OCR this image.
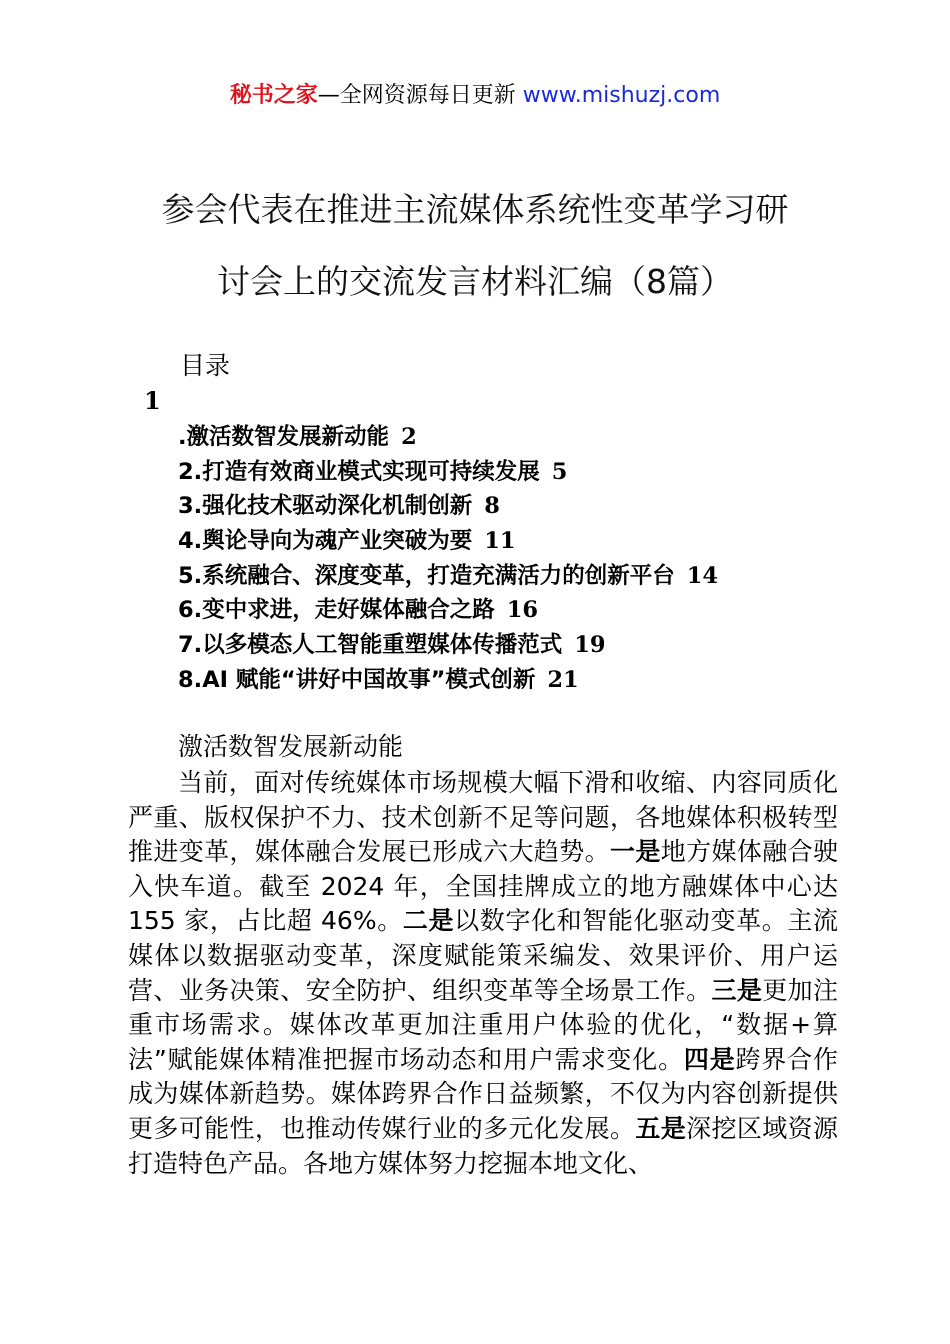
秘书之家—全网资源每日更新 www.mishuzj.com
参会代表在推进主流媒体系统性变革学习研
讨会上的交流发言材料汇编（8篇）
目录
1
.激活数智发展新动能 2
2.打造有效商业模式实现可持续发展 5
3.强化技术驱动深化机制创新 8
4.舆论导向为魂产业突破为要 11
5.系统融合、深度变革，打造充满活力的创新平台 14
6.变中求进，走好媒体融合之路 16
7.以多模态人工智能重塑媒体传播范式 19
8.AI 赋能“讲好中国故事”模式创新 21
激活数智发展新动能

当前，面对传统媒体市场规模大幅下滑和收缩、内容同质化严重、版权保护不力、技术创新不足等问题，各地媒体积极转型推进变革，媒体融合发展已形成六大趋势。一是地方媒体融合驶入快车道。截至 2024 年，全国挂牌成立的地方融媒体中心达 155 家，占比超 46%。二是以数字化和智能化驱动变革。主流媒体以数据驱动变革，深度赋能策采编发、效果评价、用户运营、业务决策、安全防护、组织变革等全场景工作。三是更加注重市场需求。媒体改革更加注重用户体验的优化，“数据+算法”赋能媒体精准把握市场动态和用户需求变化。四是跨界合作成为媒体新趋势。媒体跨界合作日益频繁，不仅为内容创新提供更多可能性，也推动传媒行业的多元化发展。五是深挖区域资源打造特色产品。各地方媒体努力挖掘本地文化、
